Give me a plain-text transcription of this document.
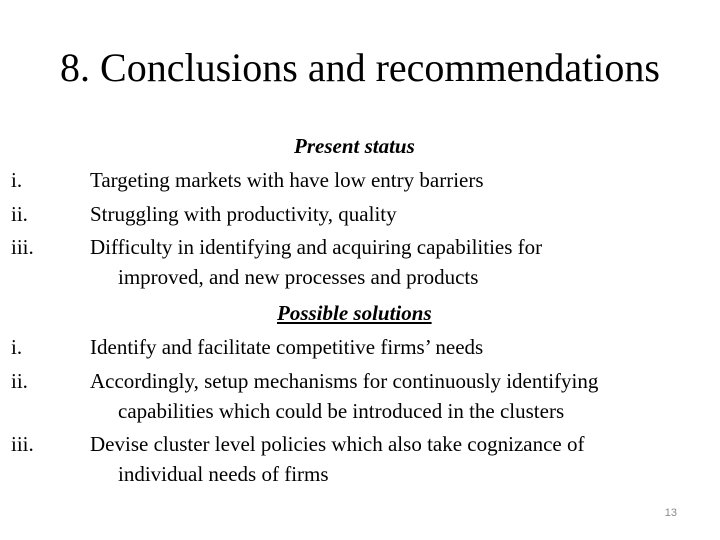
8. Conclusions and recommendations
Present status
i.	Targeting markets with have low entry barriers
ii.	Struggling with productivity, quality
iii.	Difficulty in identifying and acquiring capabilities for
improved, and new processes and products
Possible solutions
i.	Identify and facilitate competitive firms’ needs
ii.	Accordingly, setup mechanisms for continuously identifying
capabilities which could be introduced in the clusters
iii.	Devise cluster level policies which also take cognizance of
individual needs of firms
13
